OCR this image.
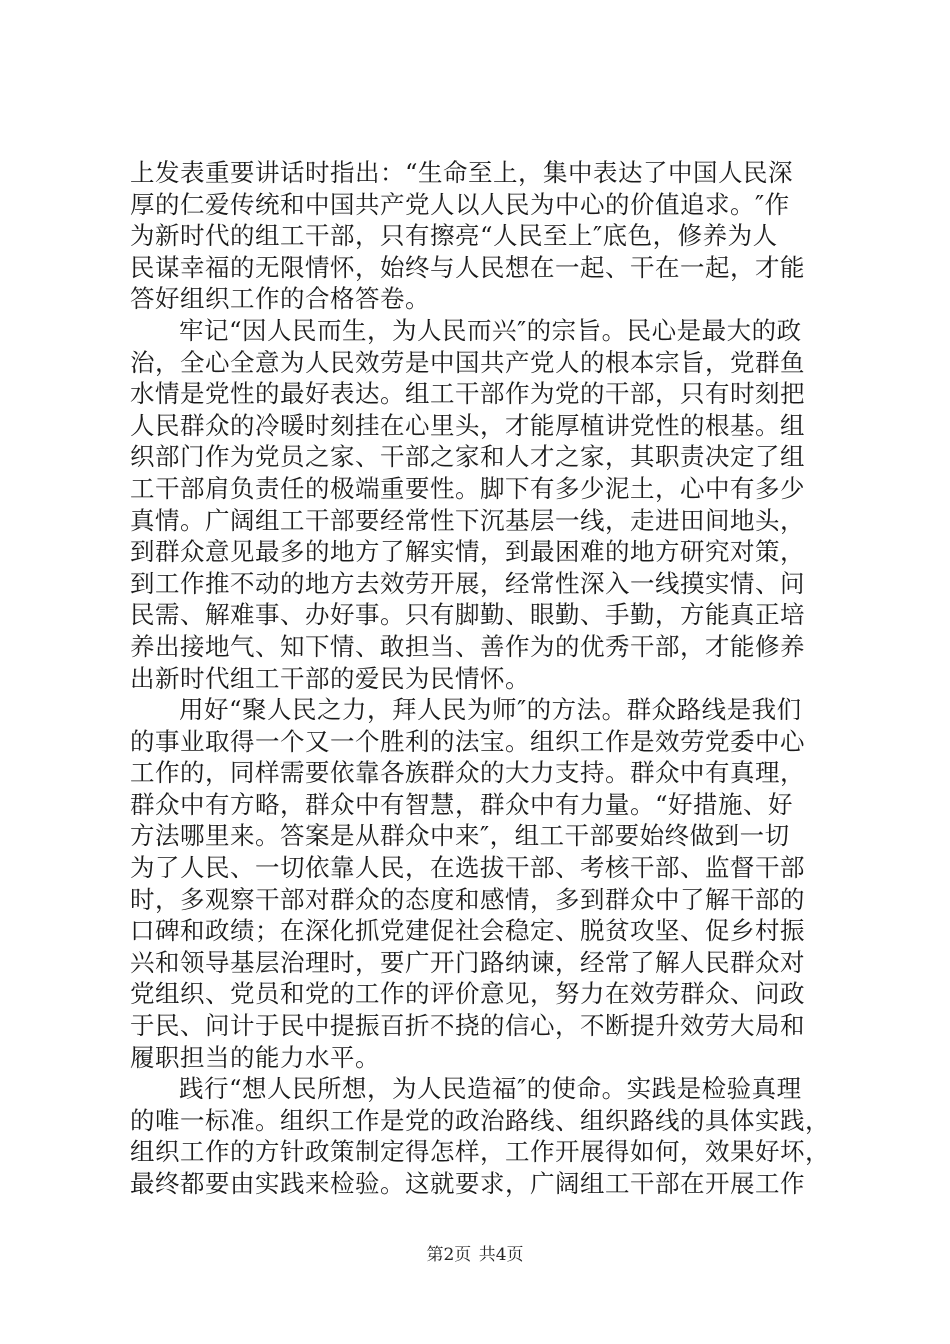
上发表重要讲话时指出：“生命至上，集中表达了中国人民深
厚的仁爱传统和中国共产党人以人民为中心的价值追求。″作
为新时代的组工干部，只有擦亮“人民至上″底色，修养为人
民谋幸福的无限情怀，始终与人民想在一起、干在一起，才能
答好组织工作的合格答卷。
牢记“因人民而生，为人民而兴″的宗旨。民心是最大的政
治，全心全意为人民效劳是中国共产党人的根本宗旨，党群鱼
水情是党性的最好表达。组工干部作为党的干部，只有时刻把
人民群众的冷暖时刻挂在心里头，才能厚植讲党性的根基。组
织部门作为党员之家、干部之家和人才之家，其职责决定了组
工干部肩负责任的极端重要性。脚下有多少泥土，心中有多少
真情。广阔组工干部要经常性下沉基层一线，走进田间地头，
到群众意见最多的地方了解实情，到最困难的地方研究对策，
到工作推不动的地方去效劳开展，经常性深入一线摸实情、问
民需、解难事、办好事。只有脚勤、眼勤、手勤，方能真正培
养出接地气、知下情、敢担当、善作为的优秀干部，才能修养
出新时代组工干部的爱民为民情怀。
用好“聚人民之力，拜人民为师″的方法。群众路线是我们
的事业取得一个又一个胜利的法宝。组织工作是效劳党委中心
工作的，同样需要依靠各族群众的大力支持。群众中有真理，
群众中有方略，群众中有智慧，群众中有力量。“好措施、好
方法哪里来。答案是从群众中来″，组工干部要始终做到一切
为了人民、一切依靠人民，在选拔干部、考核干部、监督干部
时，多观察干部对群众的态度和感情，多到群众中了解干部的
口碑和政绩；在深化抓党建促社会稳定、脱贫攻坚、促乡村振
兴和领导基层治理时，要广开门路纳谏，经常了解人民群众对
党组织、党员和党的工作的评价意见，努力在效劳群众、问政
于民、问计于民中提振百折不挠的信心，不断提升效劳大局和
履职担当的能力水平。
践行“想人民所想，为人民造福″的使命。实践是检验真理
的唯一标准。组织工作是党的政治路线、组织路线的具体实践，
组织工作的方针政策制定得怎样，工作开展得如何，效果好坏，
最终都要由实践来检验。这就要求，广阔组工干部在开展工作
第2页 共4页
